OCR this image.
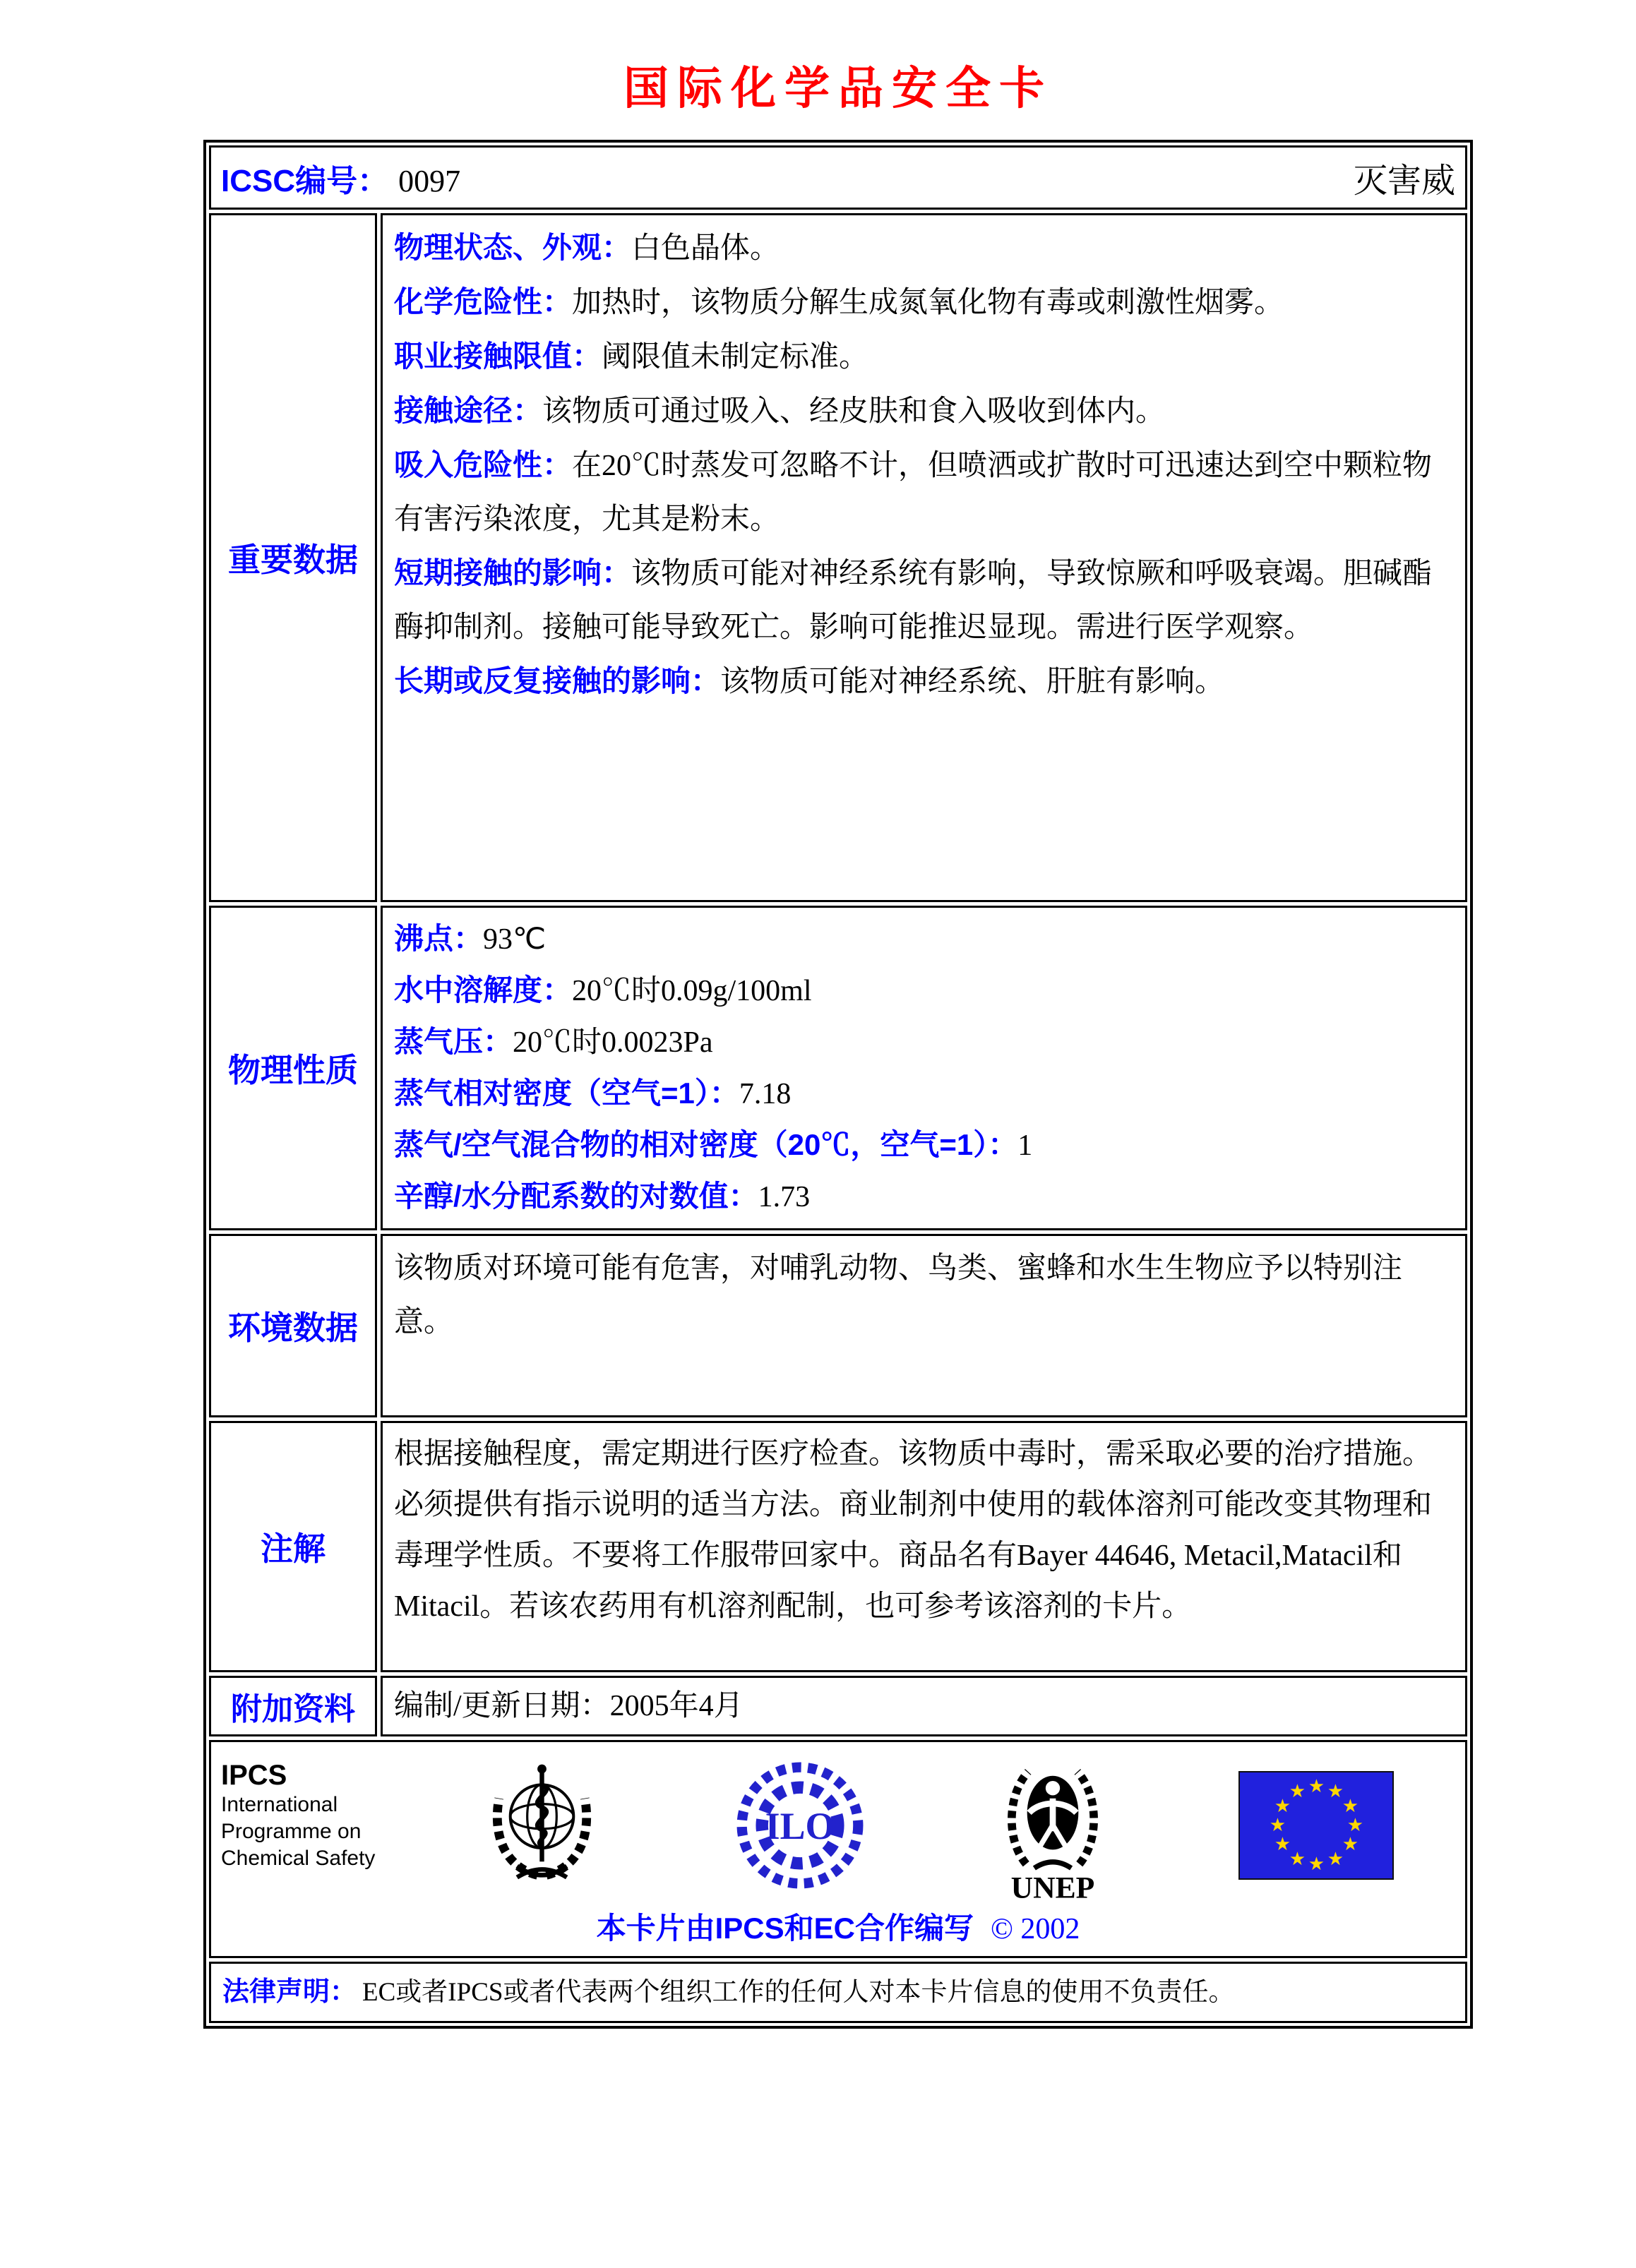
国际化学品安全卡
ICSC编号： 0097	灭害威
重要数据

物理状态、外观：白色晶体。

化学危险性：加热时，该物质分解生成氮氧化物有毒或刺激性烟雾。

职业接触限值：阈限值未制定标准。

接触途径：该物质可通过吸入、经皮肤和食入吸收到体内。

吸入危险性：在20℃时蒸发可忽略不计，但喷洒或扩散时可迅速达到空中颗粒物有害污染浓度，尤其是粉末。

短期接触的影响：该物质可能对神经系统有影响，导致惊厥和呼吸衰竭。胆碱酯酶抑制剂。接触可能导致死亡。影响可能推迟显现。需进行医学观察。

长期或反复接触的影响：该物质可能对神经系统、肝脏有影响。

物理性质

沸点：93℃

水中溶解度：20℃时0.09g/100ml

蒸气压：20℃时0.0023Pa

蒸气相对密度（空气=1）：7.18

蒸气/空气混合物的相对密度（20℃，空气=1）：1

辛醇/水分配系数的对数值：1.73

环境数据

该物质对环境可能有危害，对哺乳动物、鸟类、蜜蜂和水生生物应予以特别注意。

注解

根据接触程度，需定期进行医疗检查。该物质中毒时，需采取必要的治疗措施。必须提供有指示说明的适当方法。商业制剂中使用的载体溶剂可能改变其物理和毒理学性质。不要将工作服带回家中。商品名有Bayer 44646, Metacil,Matacil和Mitacil。若该农药用有机溶剂配制，也可参考该溶剂的卡片。

附加资料	编制/更新日期：2005年4月

IPCS
International
Programme on
Chemical Safety
ILO
UNEP
★ ★
★
★
★
★
★
★
★
★
★
★
本卡片由IPCS和EC合作编写 © 2002

法律声明： EC或者IPCS或者代表两个组织工作的任何人对本卡片信息的使用不负责任。
